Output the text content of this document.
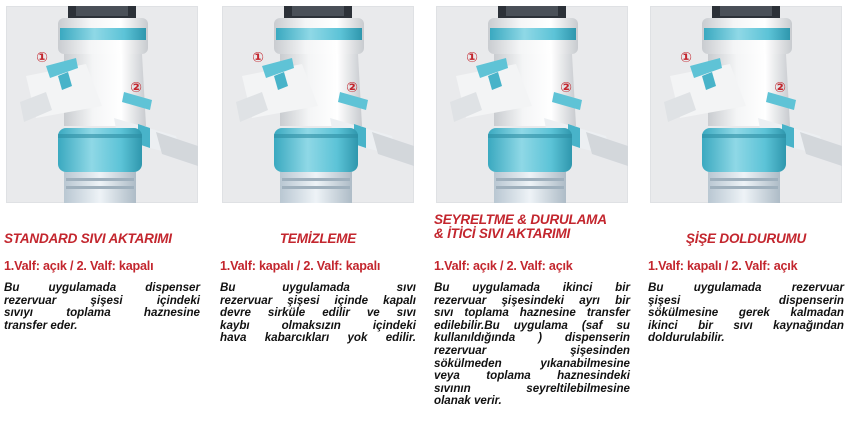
①
②
STANDARD SIVI AKTARIMI
1.Valf: açık / 2. Valf: kapalı
Bu uygulamada dispenser
rezervuar şişesi içindeki
sıvıyı toplama haznesine
transfer eder.
①
②
TEMİZLEME
1.Valf: kapalı / 2. Valf: kapalı
Bu uygulamada sıvı
rezervuar şişesi içinde kapalı
devre sirküle edilir ve sıvı
kaybı olmaksızın içindeki
hava kabarcıkları yok edilir.
①
②
SEYRELTME & DURULAMA
& İTİCİ SIVI AKTARIMI
1.Valf: açık / 2. Valf: açık
Bu uygulamada ikinci bir
rezervuar şişesindeki ayrı bir
sıvı toplama haznesine transfer
edilebilir.Bu uygulama (saf su
kullanıldığında ) dispenserin
rezervuar şişesinden
sökülmeden yıkanabilmesine
veya toplama haznesindeki
sıvının seyreltilebilmesine
olanak verir.
①
②
ŞİŞE DOLDURUMU
1.Valf: kapalı / 2. Valf: açık
Bu uygulamada rezervuar
şişesi dispenserin
sökülmesine gerek kalmadan
ikinci bir sıvı kaynağından
doldurulabilir.
